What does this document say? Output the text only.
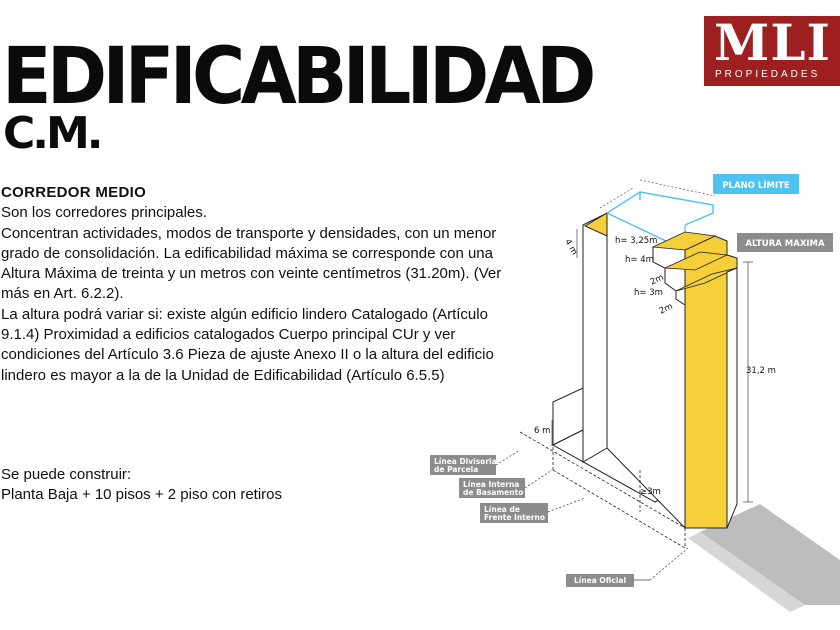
EDIFICABILIDAD
C.M.
MLI
PROPIEDADES

CORREDOR MEDIO

Son los corredores principales.

Concentran actividades, modos de transporte y densidades, con un menor grado de consolidación. La edificabilidad máxima se corresponde con una Altura Máxima de treinta y un metros con veinte centímetros (31.20m). (Ver más en Art. 6.2.2).

La altura podrá variar si: existe algún edificio lindero Catalogado (Artículo 9.1.4) Proximidad a edificios catalogados Cuerpo principal CUr y ver condiciones del Artículo 3.6 Pieza de ajuste Anexo II o la altura del edificio lindero es mayor a la de la Unidad de Edificabilidad (Artículo 6.5.5)

Se puede construir:

Planta Baja + 10 pisos + 2 piso con retiros

PLANO LÍMITE
ALTURA MAXIMA
h= 3,25m
h= 4m
2m
h= 3m
2m
4 m
31,2 m
6 m
≥3m
Línea Divisoria
de Parcela
Línea Interna
de Basamento
Línea de
Frente Interno
Línea Oficial
